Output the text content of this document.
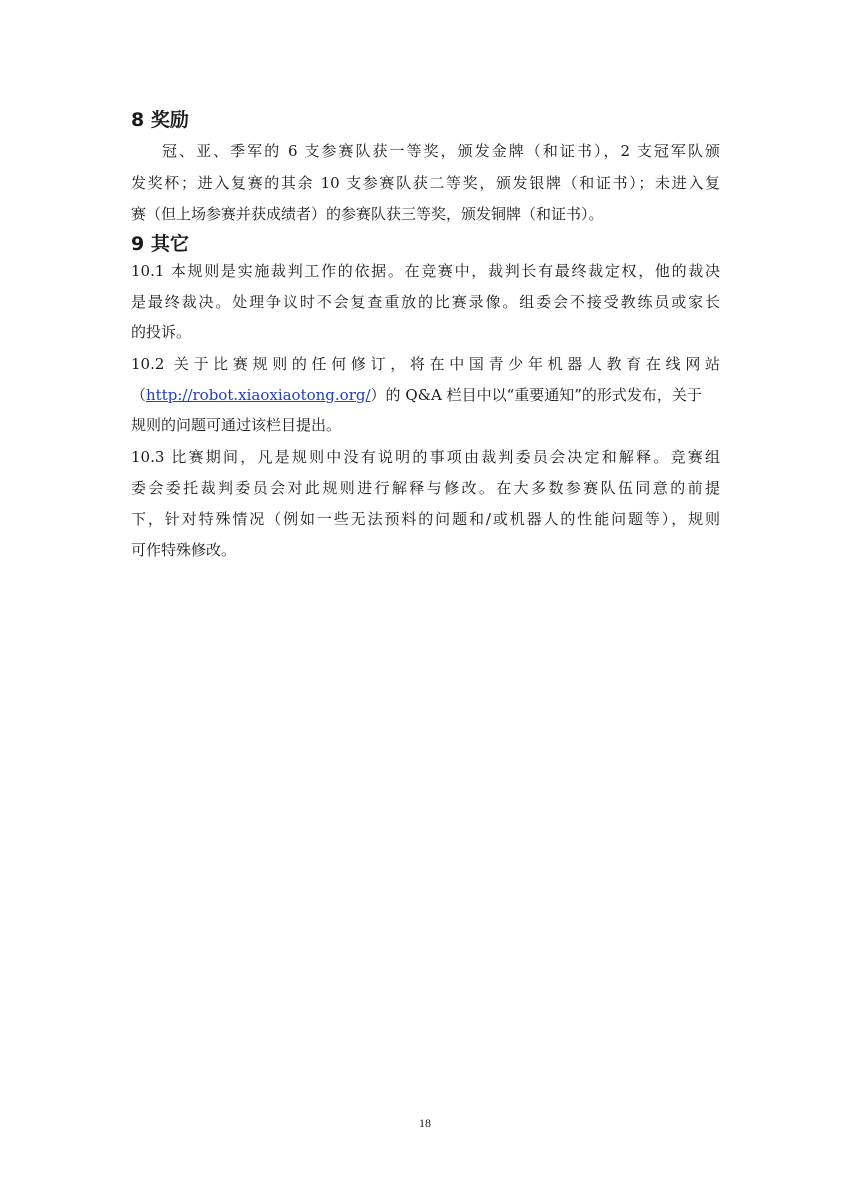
8 奖励
冠、亚、季军的 6 支参赛队获一等奖，颁发金牌（和证书），2 支冠军队颁
发奖杯；进入复赛的其余 10 支参赛队获二等奖，颁发银牌（和证书）；未进入复
赛（但上场参赛并获成绩者）的参赛队获三等奖，颁发铜牌（和证书）。
9 其它
10.1 本规则是实施裁判工作的依据。在竞赛中，裁判长有最终裁定权，他的裁决
是最终裁决。处理争议时不会复查重放的比赛录像。组委会不接受教练员或家长
的投诉。
10.2 关于比赛规则的任何修订，将在中国青少年机器人教育在线网站
（http://robot.xiaoxiaotong.org/）的 Q&A 栏目中以“重要通知”的形式发布，关于
规则的问题可通过该栏目提出。
10.3 比赛期间，凡是规则中没有说明的事项由裁判委员会决定和解释。竞赛组
委会委托裁判委员会对此规则进行解释与修改。在大多数参赛队伍同意的前提
下，针对特殊情况（例如一些无法预料的问题和/或机器人的性能问题等），规则
可作特殊修改。
18
